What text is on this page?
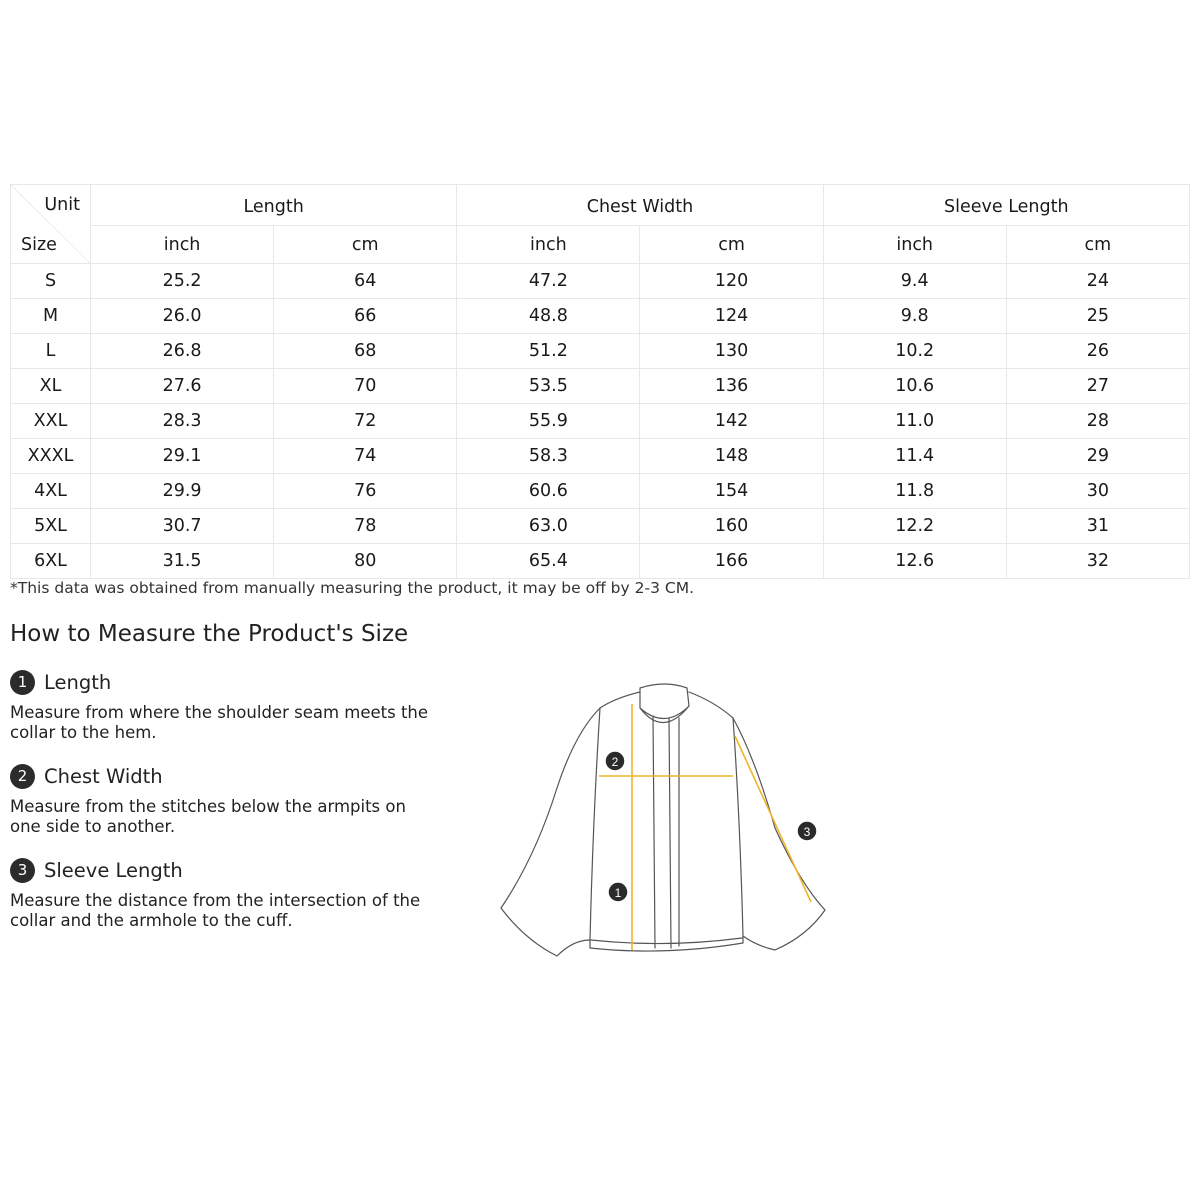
Unit
Size	Length		Chest Width		Sleeve Length	
	inch	cm	inch	cm	inch	cm
S	25.2	64	47.2	120	9.4	24
M	26.0	66	48.8	124	9.8	25
L	26.8	68	51.2	130	10.2	26
XL	27.6	70	53.5	136	10.6	27
XXL	28.3	72	55.9	142	11.0	28
XXXL	29.1	74	58.3	148	11.4	29
4XL	29.9	76	60.6	154	11.8	30
5XL	30.7	78	63.0	160	12.2	31
6XL	31.5	80	65.4	166	12.6	32
*This data was obtained from manually measuring the product, it may be off by 2-3 CM.
How to Measure the Product's Size
1 Length
Measure from where the shoulder seam meets the collar to the hem.
2 Chest Width
Measure from the stitches below the armpits on one side to another.
3 Sleeve Length
Measure the distance from the intersection of the collar and the armhole to the cuff.
2
1
3
